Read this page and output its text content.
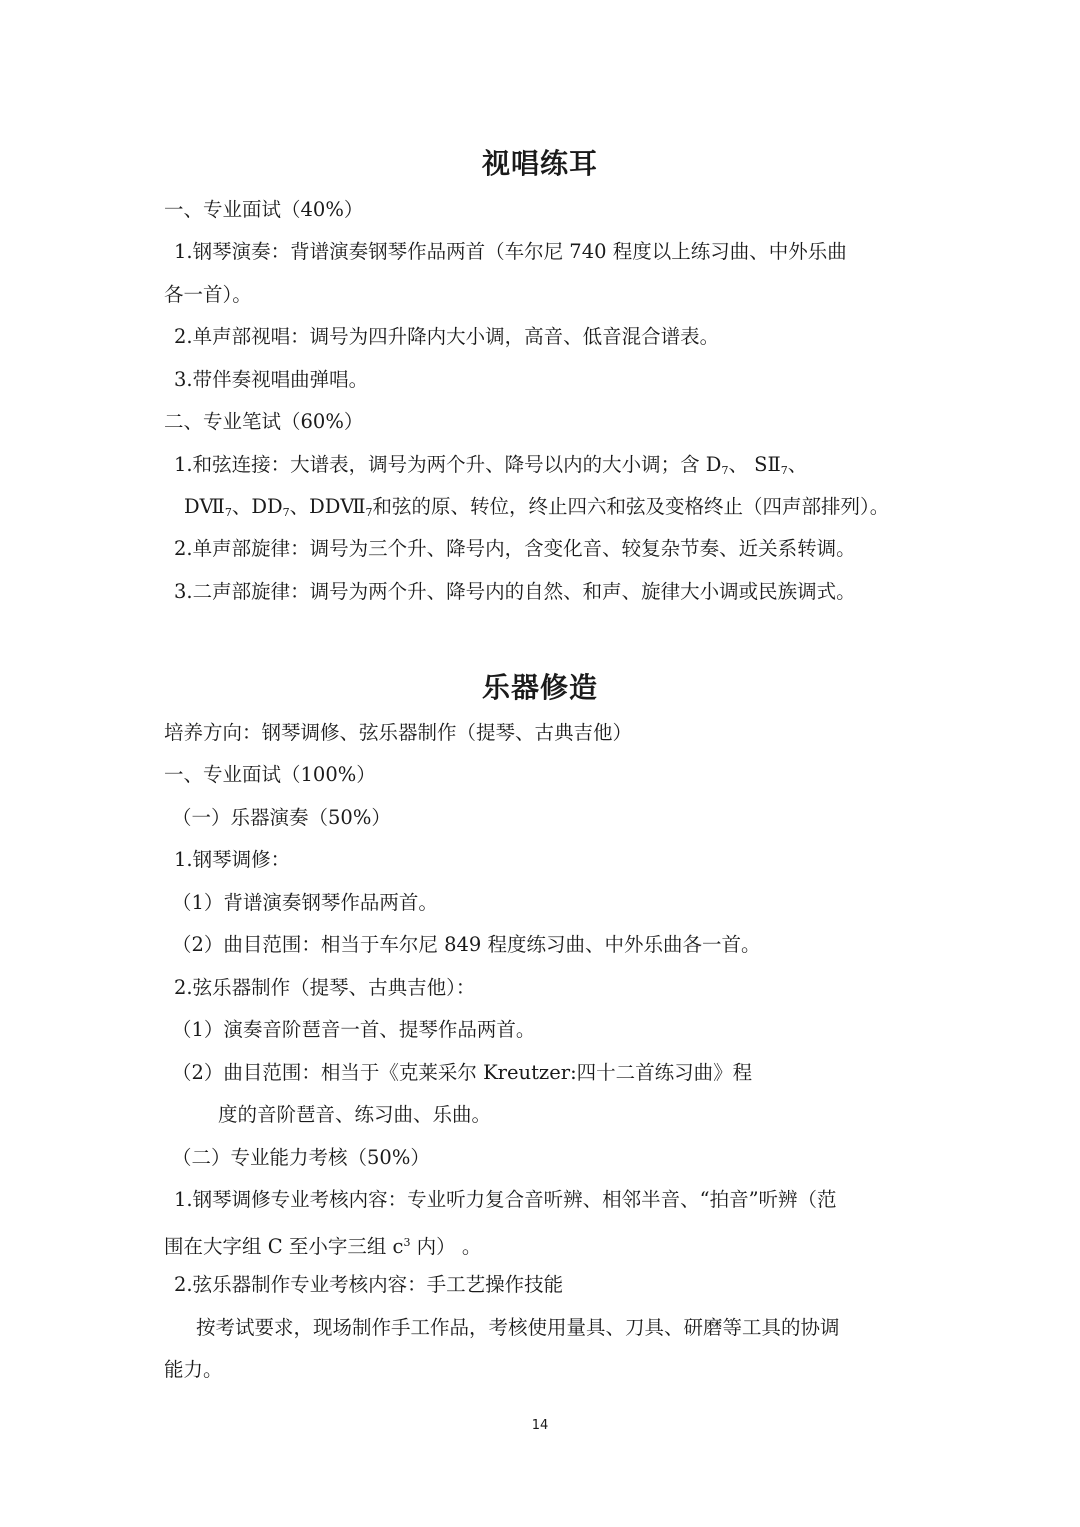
视唱练耳

一、专业面试（40%）

1.钢琴演奏：背谱演奏钢琴作品两首（车尔尼 740 程度以上练习曲、中外乐曲

各一首）。

2.单声部视唱：调号为四升降内大小调，高音、低音混合谱表。

3.带伴奏视唱曲弹唱。

二、专业笔试（60%）

1.和弦连接：大谱表，调号为两个升、降号以内的大小调；含 $D_7$、 $SⅡ_7$、

$DⅦ_7$、$DD_7$、$DDⅦ_7$和弦的原、转位，终止四六和弦及变格终止（四声部排列）。

2.单声部旋律：调号为三个升、降号内，含变化音、较复杂节奏、近关系转调。

3.二声部旋律：调号为两个升、降号内的自然、和声、旋律大小调或民族调式。

乐器修造

培养方向：钢琴调修、弦乐器制作（提琴、古典吉他）

一、专业面试（100%）

（一）乐器演奏（50%）

1.钢琴调修：

（1）背谱演奏钢琴作品两首。

（2）曲目范围：相当于车尔尼 849 程度练习曲、中外乐曲各一首。

2.弦乐器制作（提琴、古典吉他）：

（1）演奏音阶琶音一首、提琴作品两首。

（2）曲目范围：相当于《克莱采尔 Kreutzer:四十二首练习曲》程

度的音阶琶音、练习曲、乐曲。

（二）专业能力考核（50%）

1.钢琴调修专业考核内容：专业听力复合音听辨、相邻半音、“拍音”听辨（范

围在大字组 C 至小字三组 $c^3$ 内） 。

2.弦乐器制作专业考核内容：手工艺操作技能

按考试要求，现场制作手工作品，考核使用量具、刀具、研磨等工具的协调

能力。

14
